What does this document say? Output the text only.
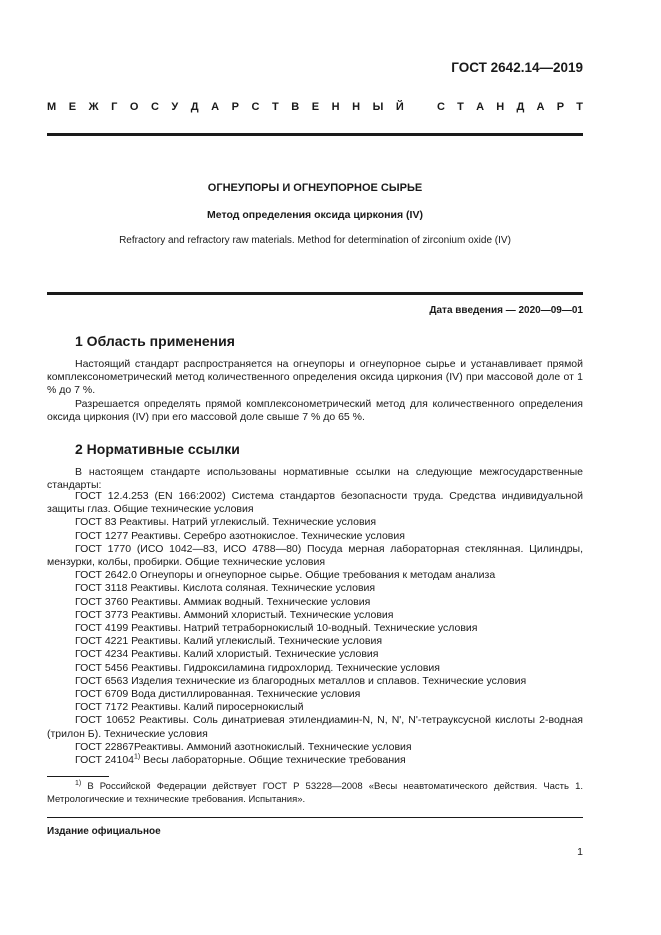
ГОСТ 2642.14—2019
М Е Ж Г О С У Д А Р С Т В Е Н Н Ы Й	С Т А Н Д А Р Т
ОГНЕУПОРЫ И ОГНЕУПОРНОЕ СЫРЬЕ
Метод определения оксида циркония (IV)
Refractory and refractory raw materials. Method for determination of zirconium oxide (IV)
Дата введения — 2020—09—01
1 Область применения

Настоящий стандарт распространяется на огнеупоры и огнеупорное сырье и устанавливает прямой комплексонометрический метод количественного определения оксида циркония (IV) при массовой доле от 1 % до 7 %.

Разрешается определять прямой комплексонометрический метод для количественного определения оксида циркония (IV) при его массовой доле свыше 7 % до 65 %.

2 Нормативные ссылки

В настоящем стандарте использованы нормативные ссылки на следующие межгосударственные стандарты:

ГОСТ 12.4.253 (EN 166:2002) Система стандартов безопасности труда. Средства индивидуальной защиты глаз. Общие технические условия

ГОСТ 83 Реактивы. Натрий углекислый. Технические условия

ГОСТ 1277 Реактивы. Серебро азотнокислое. Технические условия

ГОСТ 1770 (ИСО 1042—83, ИСО 4788—80) Посуда мерная лабораторная стеклянная. Цилиндры, мензурки, колбы, пробирки. Общие технические условия

ГОСТ 2642.0 Огнеупоры и огнеупорное сырье. Общие требования к методам анализа

ГОСТ 3118 Реактивы. Кислота соляная. Технические условия

ГОСТ 3760 Реактивы. Аммиак водный. Технические условия

ГОСТ 3773 Реактивы. Аммоний хлористый. Технические условия

ГОСТ 4199 Реактивы. Натрий тетраборнокислый 10-водный. Технические условия

ГОСТ 4221 Реактивы. Калий углекислый. Технические условия

ГОСТ 4234 Реактивы. Калий хлористый. Технические условия

ГОСТ 5456 Реактивы. Гидроксиламина гидрохлорид. Технические условия

ГОСТ 6563 Изделия технические из благородных металлов и сплавов. Технические условия

ГОСТ 6709 Вода дистиллированная. Технические условия

ГОСТ 7172 Реактивы. Калий пиросернокислый

ГОСТ 10652 Реактивы. Соль динатриевая этилендиамин-N, N, N', N'-тетрауксусной кислоты 2-водная (трилон Б). Технические условия

ГОСТ 22867Реактивы. Аммоний азотнокислый. Технические условия

ГОСТ 24104$^{1)}$ Весы лабораторные. Общие технические требования

$^{1)}$ В Российской Федерации действует ГОСТ Р 53228—2008 «Весы неавтоматического действия. Часть 1. Метрологические и технические требования. Испытания».

Издание официальное
1
